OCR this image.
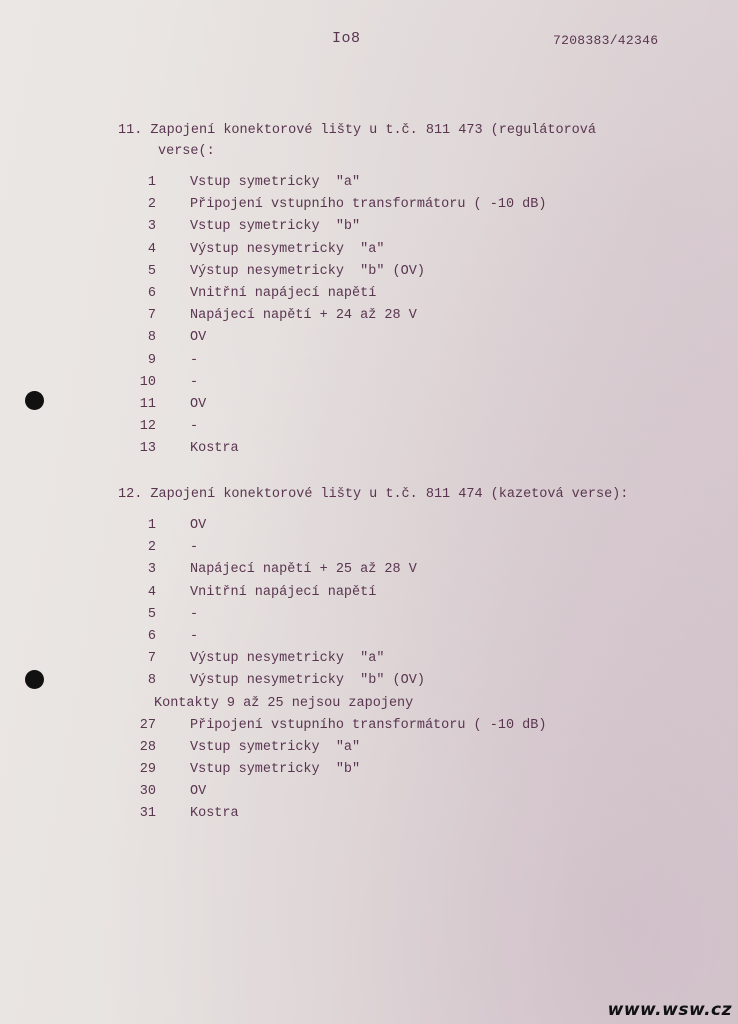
Io8	7208383/42346
11. Zapojení konektorové lišty u t.č. 811 473 (regulátorová
verse(:
1	Vstup symetricky  "a"
2	Připojení vstupního transformátoru ( -10 dB)
3	Vstup symetricky  "b"
4	Výstup nesymetricky  "a"
5	Výstup nesymetricky  "b" (OV)
6	Vnitřní napájecí napětí
7	Napájecí napětí + 24 až 28 V
8	OV
9	-
10	-
11	OV
12	-
13	Kostra
12. Zapojení konektorové lišty u t.č. 811 474 (kazetová verse):
1	OV
2	-
3	Napájecí napětí + 25 až 28 V
4	Vnitřní napájecí napětí
5	-
6	-
7	Výstup nesymetricky  "a"
8	Výstup nesymetricky  "b" (OV)
Kontakty 9 až 25 nejsou zapojeny
27	Připojení vstupního transformátoru ( -10 dB)
28	Vstup symetricky  "a"
29	Vstup symetricky  "b"
30	OV
31	Kostra
www.wsw.cz
